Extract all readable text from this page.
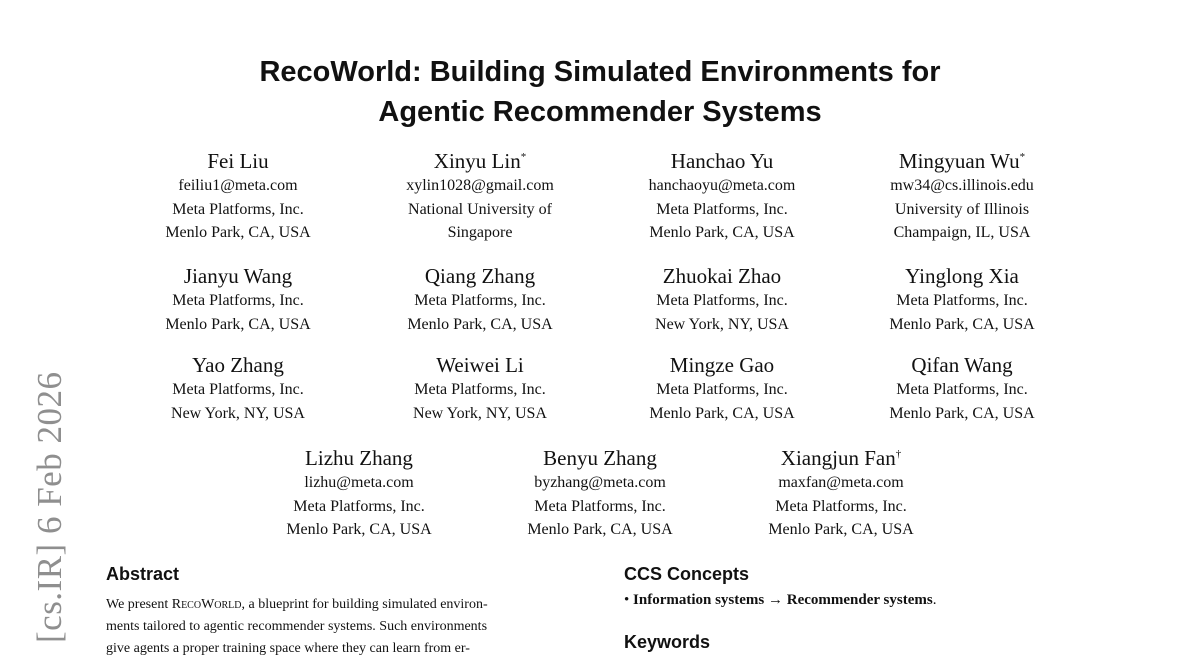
[cs.IR] 6 Feb 2026
RecoWorld: Building Simulated Environments for
Agentic Recommender Systems
Fei Liu
feiliu1@meta.com
Meta Platforms, Inc.
Menlo Park, CA, USA
Xinyu Lin*
xylin1028@gmail.com
National University of
Singapore
Hanchao Yu
hanchaoyu@meta.com
Meta Platforms, Inc.
Menlo Park, CA, USA
Mingyuan Wu*
mw34@cs.illinois.edu
University of Illinois
Champaign, IL, USA
Jianyu Wang
Meta Platforms, Inc.
Menlo Park, CA, USA
Qiang Zhang
Meta Platforms, Inc.
Menlo Park, CA, USA
Zhuokai Zhao
Meta Platforms, Inc.
New York, NY, USA
Yinglong Xia
Meta Platforms, Inc.
Menlo Park, CA, USA
Yao Zhang
Meta Platforms, Inc.
New York, NY, USA
Weiwei Li
Meta Platforms, Inc.
New York, NY, USA
Mingze Gao
Meta Platforms, Inc.
Menlo Park, CA, USA
Qifan Wang
Meta Platforms, Inc.
Menlo Park, CA, USA
Lizhu Zhang
lizhu@meta.com
Meta Platforms, Inc.
Menlo Park, CA, USA
Benyu Zhang
byzhang@meta.com
Meta Platforms, Inc.
Menlo Park, CA, USA
Xiangjun Fan†
maxfan@meta.com
Meta Platforms, Inc.
Menlo Park, CA, USA
Abstract
We present RecoWorld, a blueprint for building simulated environ-
ments tailored to agentic recommender systems. Such environments
give agents a proper training space where they can learn from er-
CCS Concepts
• Information systems → Recommender systems.
Keywords
